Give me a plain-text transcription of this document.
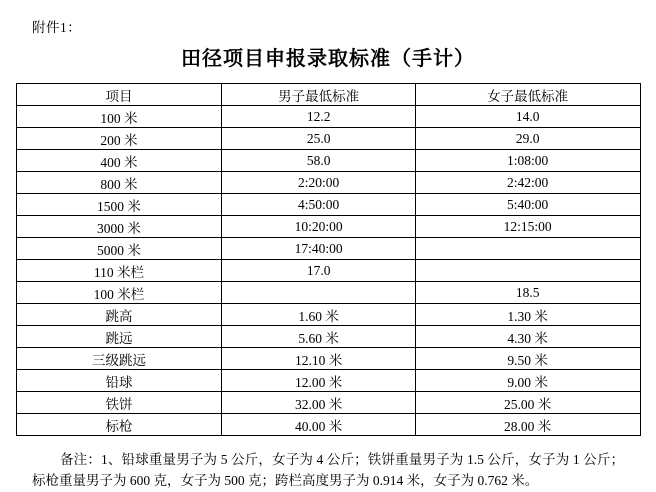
附件1：
田径项目申报录取标准（手计）
项目	男子最低标准	女子最低标准
100 米	12.2	14.0
200 米	25.0	29.0
400 米	58.0	1:08:00
800 米	2:20:00	2:42:00
1500 米	4:50:00	5:40:00
3000 米	10:20:00	12:15:00
5000 米	17:40:00	
110 米栏	17.0	
100 米栏		18.5
跳高	1.60 米	1.30 米
跳远	5.60 米	4.30 米
三级跳远	12.10 米	9.50 米
铅球	12.00 米	9.00 米
铁饼	32.00 米	25.00 米
标枪	40.00 米	28.00 米
备注：1、铅球重量男子为 5 公斤，女子为 4 公斤；铁饼重量男子为 1.5 公斤，女子为 1 公斤；标枪重量男子为 600 克，女子为 500 克；跨栏高度男子为 0.914 米，女子为 0.762 米。
